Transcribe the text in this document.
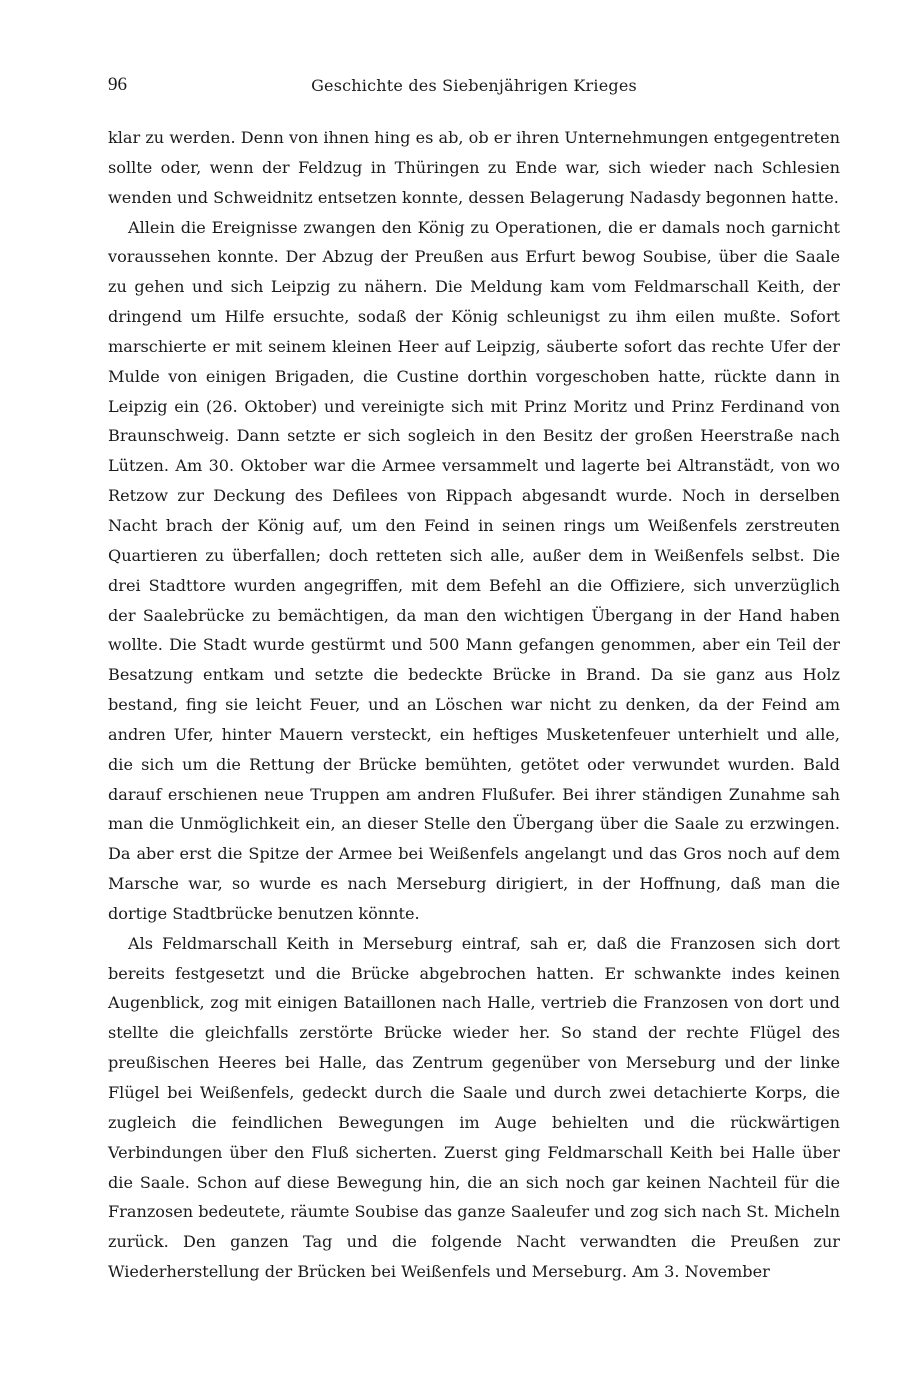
96	Geschichte des Siebenjährigen Krieges

klar zu werden. Denn von ihnen hing es ab, ob er ihren Unternehmungen entgegentreten sollte oder, wenn der Feldzug in Thüringen zu Ende war, sich wieder nach Schlesien wenden und Schweidnitz entsetzen konnte, dessen Belagerung Nadasdy begonnen hatte.

Allein die Ereignisse zwangen den König zu Operationen, die er damals noch garnicht voraussehen konnte. Der Abzug der Preußen aus Erfurt bewog Soubise, über die Saale zu gehen und sich Leipzig zu nähern. Die Meldung kam vom Feldmarschall Keith, der dringend um Hilfe ersuchte, sodaß der König schleunigst zu ihm eilen mußte. Sofort marschierte er mit seinem kleinen Heer auf Leipzig, säuberte sofort das rechte Ufer der Mulde von einigen Brigaden, die Custine dorthin vorgeschoben hatte, rückte dann in Leipzig ein (26. Oktober) und vereinigte sich mit Prinz Moritz und Prinz Ferdinand von Braunschweig. Dann setzte er sich sogleich in den Besitz der großen Heerstraße nach Lützen. Am 30. Oktober war die Armee versammelt und lagerte bei Altranstädt, von wo Retzow zur Deckung des Defilees von Rippach abgesandt wurde. Noch in derselben Nacht brach der König auf, um den Feind in seinen rings um Weißenfels zerstreuten Quartieren zu überfallen; doch retteten sich alle, außer dem in Weißenfels selbst. Die drei Stadttore wurden angegriffen, mit dem Befehl an die Offiziere, sich unverzüglich der Saalebrücke zu bemächtigen, da man den wichtigen Übergang in der Hand haben wollte. Die Stadt wurde gestürmt und 500 Mann gefangen genommen, aber ein Teil der Besatzung entkam und setzte die bedeckte Brücke in Brand. Da sie ganz aus Holz bestand, fing sie leicht Feuer, und an Löschen war nicht zu denken, da der Feind am andren Ufer, hinter Mauern versteckt, ein heftiges Musketenfeuer unterhielt und alle, die sich um die Rettung der Brücke bemühten, getötet oder verwundet wurden. Bald darauf erschienen neue Truppen am andren Flußufer. Bei ihrer ständigen Zunahme sah man die Unmöglichkeit ein, an dieser Stelle den Übergang über die Saale zu erzwingen. Da aber erst die Spitze der Armee bei Weißenfels angelangt und das Gros noch auf dem Marsche war, so wurde es nach Merseburg dirigiert, in der Hoffnung, daß man die dortige Stadtbrücke benutzen könnte.

Als Feldmarschall Keith in Merseburg eintraf, sah er, daß die Franzosen sich dort bereits festgesetzt und die Brücke abgebrochen hatten. Er schwankte indes keinen Augenblick, zog mit einigen Bataillonen nach Halle, vertrieb die Franzosen von dort und stellte die gleichfalls zerstörte Brücke wieder her. So stand der rechte Flügel des preußischen Heeres bei Halle, das Zentrum gegenüber von Merseburg und der linke Flügel bei Weißenfels, gedeckt durch die Saale und durch zwei detachierte Korps, die zugleich die feindlichen Bewegungen im Auge behielten und die rückwärtigen Verbindungen über den Fluß sicherten. Zuerst ging Feldmarschall Keith bei Halle über die Saale. Schon auf diese Bewegung hin, die an sich noch gar keinen Nachteil für die Franzosen bedeutete, räumte Soubise das ganze Saaleufer und zog sich nach St. Micheln zurück. Den ganzen Tag und die folgende Nacht verwandten die Preußen zur Wiederherstellung der Brücken bei Weißenfels und Merseburg. Am 3. November
